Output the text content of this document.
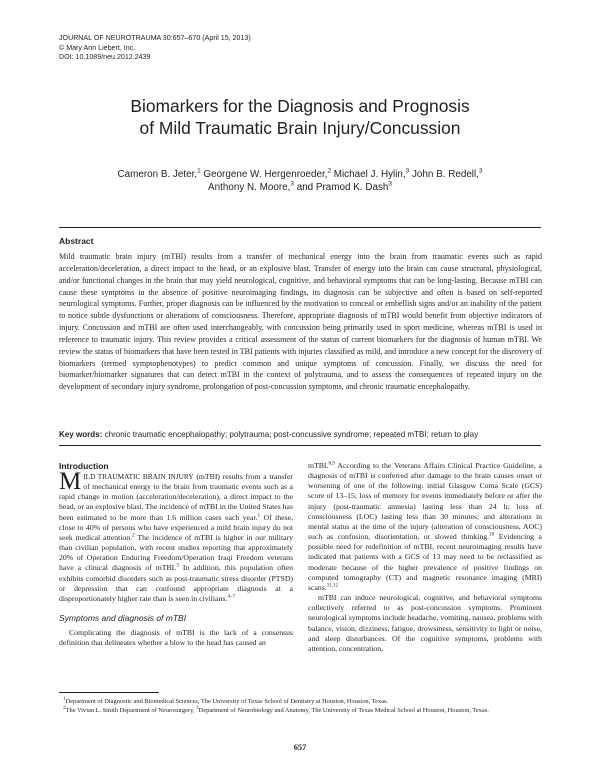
JOURNAL OF NEUROTRAUMA 30:657–670 (April 15, 2013)
© Mary Ann Liebert, Inc.
DOI: 10.1089/neu.2012.2439
Biomarkers for the Diagnosis and Prognosis
of Mild Traumatic Brain Injury/Concussion
Cameron B. Jeter,$^1$ Georgene W. Hergenroeder,$^2$ Michael J. Hylin,$^3$ John B. Redell,$^3$
Anthony N. Moore,$^3$ and Pramod K. Dash$^3$
Abstract
Mild traumatic brain injury (mTBI) results from a transfer of mechanical energy into the brain from traumatic events such as rapid acceleration/deceleration, a direct impact to the head, or an explosive blast. Transfer of energy into the brain can cause structural, physiological, and/or functional changes in the brain that may yield neurological, cognitive, and behavioral symptoms that can be long-lasting. Because mTBI can cause these symptoms in the absence of positive neuroimaging findings, its diagnosis can be subjective and often is based on self-reported neurological symptoms. Further, proper diagnosis can be influenced by the motivation to conceal or embellish signs and/or an inability of the patient to notice subtle dysfunctions or alterations of consciousness. Therefore, appropriate diagnosis of mTBI would benefit from objective indicators of injury. Concussion and mTBI are often used interchangeably, with concussion being primarily used in sport medicine, whereas mTBI is used in reference to traumatic injury. This review provides a critical assessment of the status of current biomarkers for the diagnosis of human mTBI. We review the status of biomarkers that have been tested in TBI patients with injuries classified as mild, and introduce a new concept for the discovery of biomarkers (termed symptophenotypes) to predict common and unique symptoms of concussion. Finally, we discuss the need for biomarker/biomarker signatures that can detect mTBI in the context of polytrauma, and to assess the consequences of repeated injury on the development of secondary injury syndrome, prolongation of post-concussion symptoms, and chronic traumatic encephalopathy.
Key words: chronic traumatic encephalopathy; polytrauma; post-concussive syndrome; repeated mTBI; return to play
Introduction

MILD TRAUMATIC BRAIN INJURY (mTBI) results from a transfer of mechanical energy to the brain from traumatic events such as a rapid change in motion (acceleration/deceleration), a direct impact to the head, or an explosive blast. The incidence of mTBI in the United States has been estimated to be more than 1.6 million cases each year.$^1$ Of these, close to 40% of persons who have experienced a mild brain injury do not seek medical attention.$^2$ The incidence of mTBI is higher in our military than civilian population, with recent studies reporting that approximately 20% of Operation Enduring Freedom/Operation Iraqi Freedom veterans have a clinical diagnosis of mTBI.$^3$ In addition, this population often exhibits comorbid disorders such as post-traumatic stress disorder (PTSD) or depression that can confound appropriate diagnosis at a disproportionately higher rate than is seen in civilians.$^{4-7}$

Symptoms and diagnosis of mTBI

Complicating the diagnosis of mTBI is the lack of a consensus definition that delineates whether a blow to the head has caused an

mTBI.$^{8,9}$ According to the Veterans Affairs Clinical Practice Guideline, a diagnosis of mTBI is conferred after damage to the brain causes onset or worsening of one of the following: initial Glasgow Coma Scale (GCS) score of 13–15; loss of memory for events immediately before or after the injury (post-traumatic amnesia) lasting less than 24 h; loss of consciousness (LOC) lasting less than 30 minutes; and alterations in mental status at the time of the injury (alteration of consciousness, AOC) such as confusion, disorientation, or slowed thinking.$^{10}$ Evidencing a possible need for redefinition of mTBI, recent neuroimaging results have indicated that patients with a GCS of 13 may need to be reclassified as moderate because of the higher prevalence of positive findings on computed tomography (CT) and magnetic resonance imaging (MRI) scans.$^{11,12}$

mTBI can induce neurological, cognitive, and behavioral symptoms collectively referred to as post-concussion symptoms. Prominent neurological symptoms include headache, vomiting, nausea, problems with balance, vision, dizziness, fatigue, drowsiness, sensitivity to light or noise, and sleep disturbances. Of the cognitive symptoms, problems with attention, concentration,

$^1$Department of Diagnostic and Biomedical Sciences, The University of Texas School of Dentistry at Houston, Houston, Texas.
$^2$The Vivian L. Smith Department of Neurosurgery, $^3$Department of Neurobiology and Anatomy, The University of Texas Medical School at Houston, Houston, Texas.
657
